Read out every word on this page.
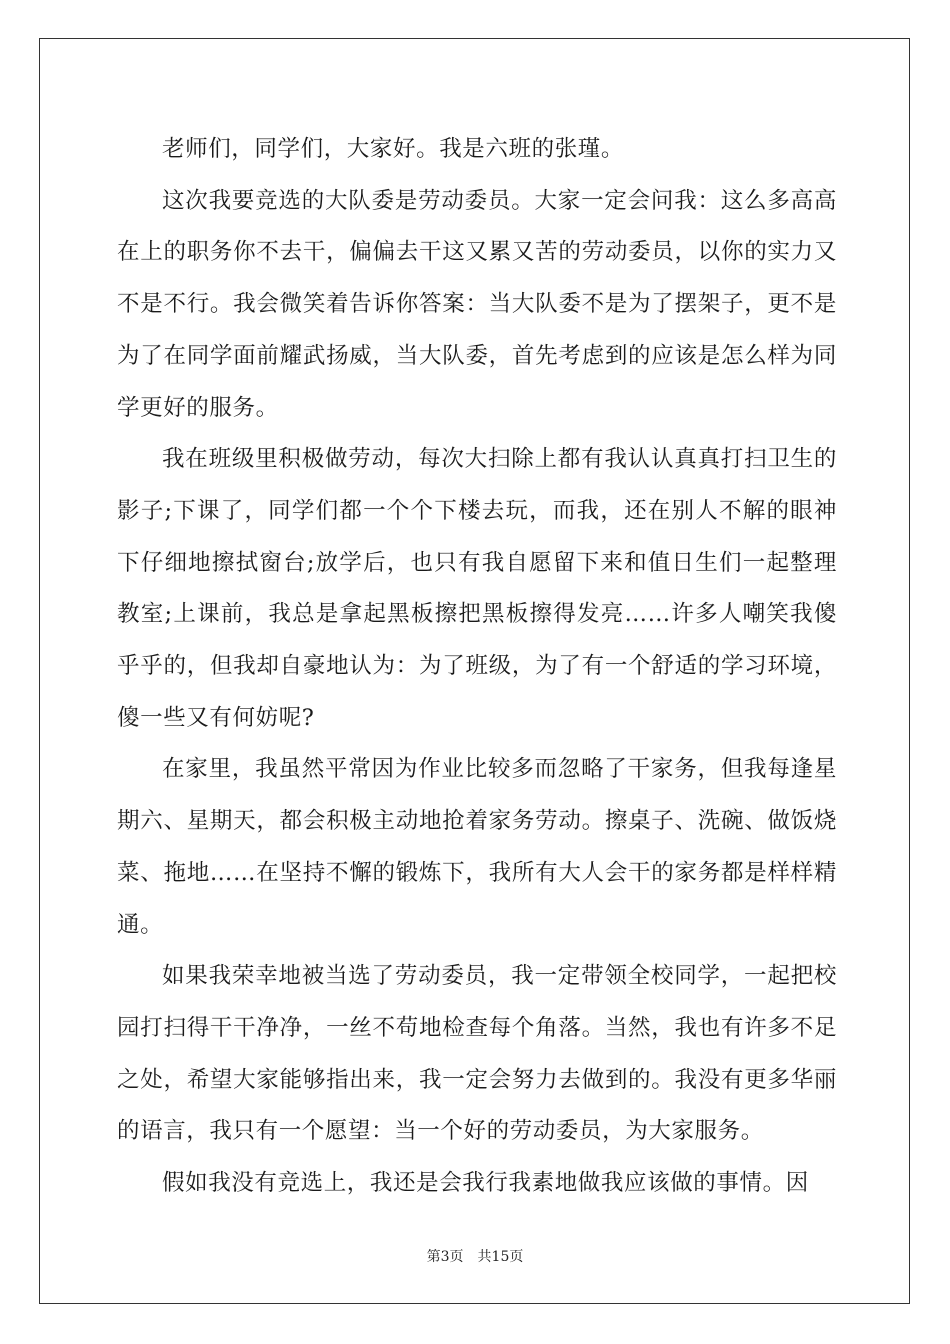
老师们，同学们，大家好。我是六班的张瑾。

这次我要竞选的大队委是劳动委员。大家一定会问我：这么多高高在上的职务你不去干，偏偏去干这又累又苦的劳动委员，以你的实力又不是不行。我会微笑着告诉你答案：当大队委不是为了摆架子，更不是为了在同学面前耀武扬威，当大队委，首先考虑到的应该是怎么样为同学更好的服务。

我在班级里积极做劳动，每次大扫除上都有我认认真真打扫卫生的影子;下课了，同学们都一个个下楼去玩，而我，还在别人不解的眼神下仔细地擦拭窗台;放学后，也只有我自愿留下来和值日生们一起整理教室;上课前，我总是拿起黑板擦把黑板擦得发亮……许多人嘲笑我傻乎乎的，但我却自豪地认为：为了班级，为了有一个舒适的学习环境，傻一些又有何妨呢?

在家里，我虽然平常因为作业比较多而忽略了干家务，但我每逢星期六、星期天，都会积极主动地抢着家务劳动。擦桌子、洗碗、做饭烧菜、拖地……在坚持不懈的锻炼下，我所有大人会干的家务都是样样精通。

如果我荣幸地被当选了劳动委员，我一定带领全校同学，一起把校园打扫得干干净净，一丝不苟地检查每个角落。当然，我也有许多不足之处，希望大家能够指出来，我一定会努力去做到的。我没有更多华丽的语言，我只有一个愿望：当一个好的劳动委员，为大家服务。

假如我没有竞选上，我还是会我行我素地做我应该做的事情。因

第3页 共15页
